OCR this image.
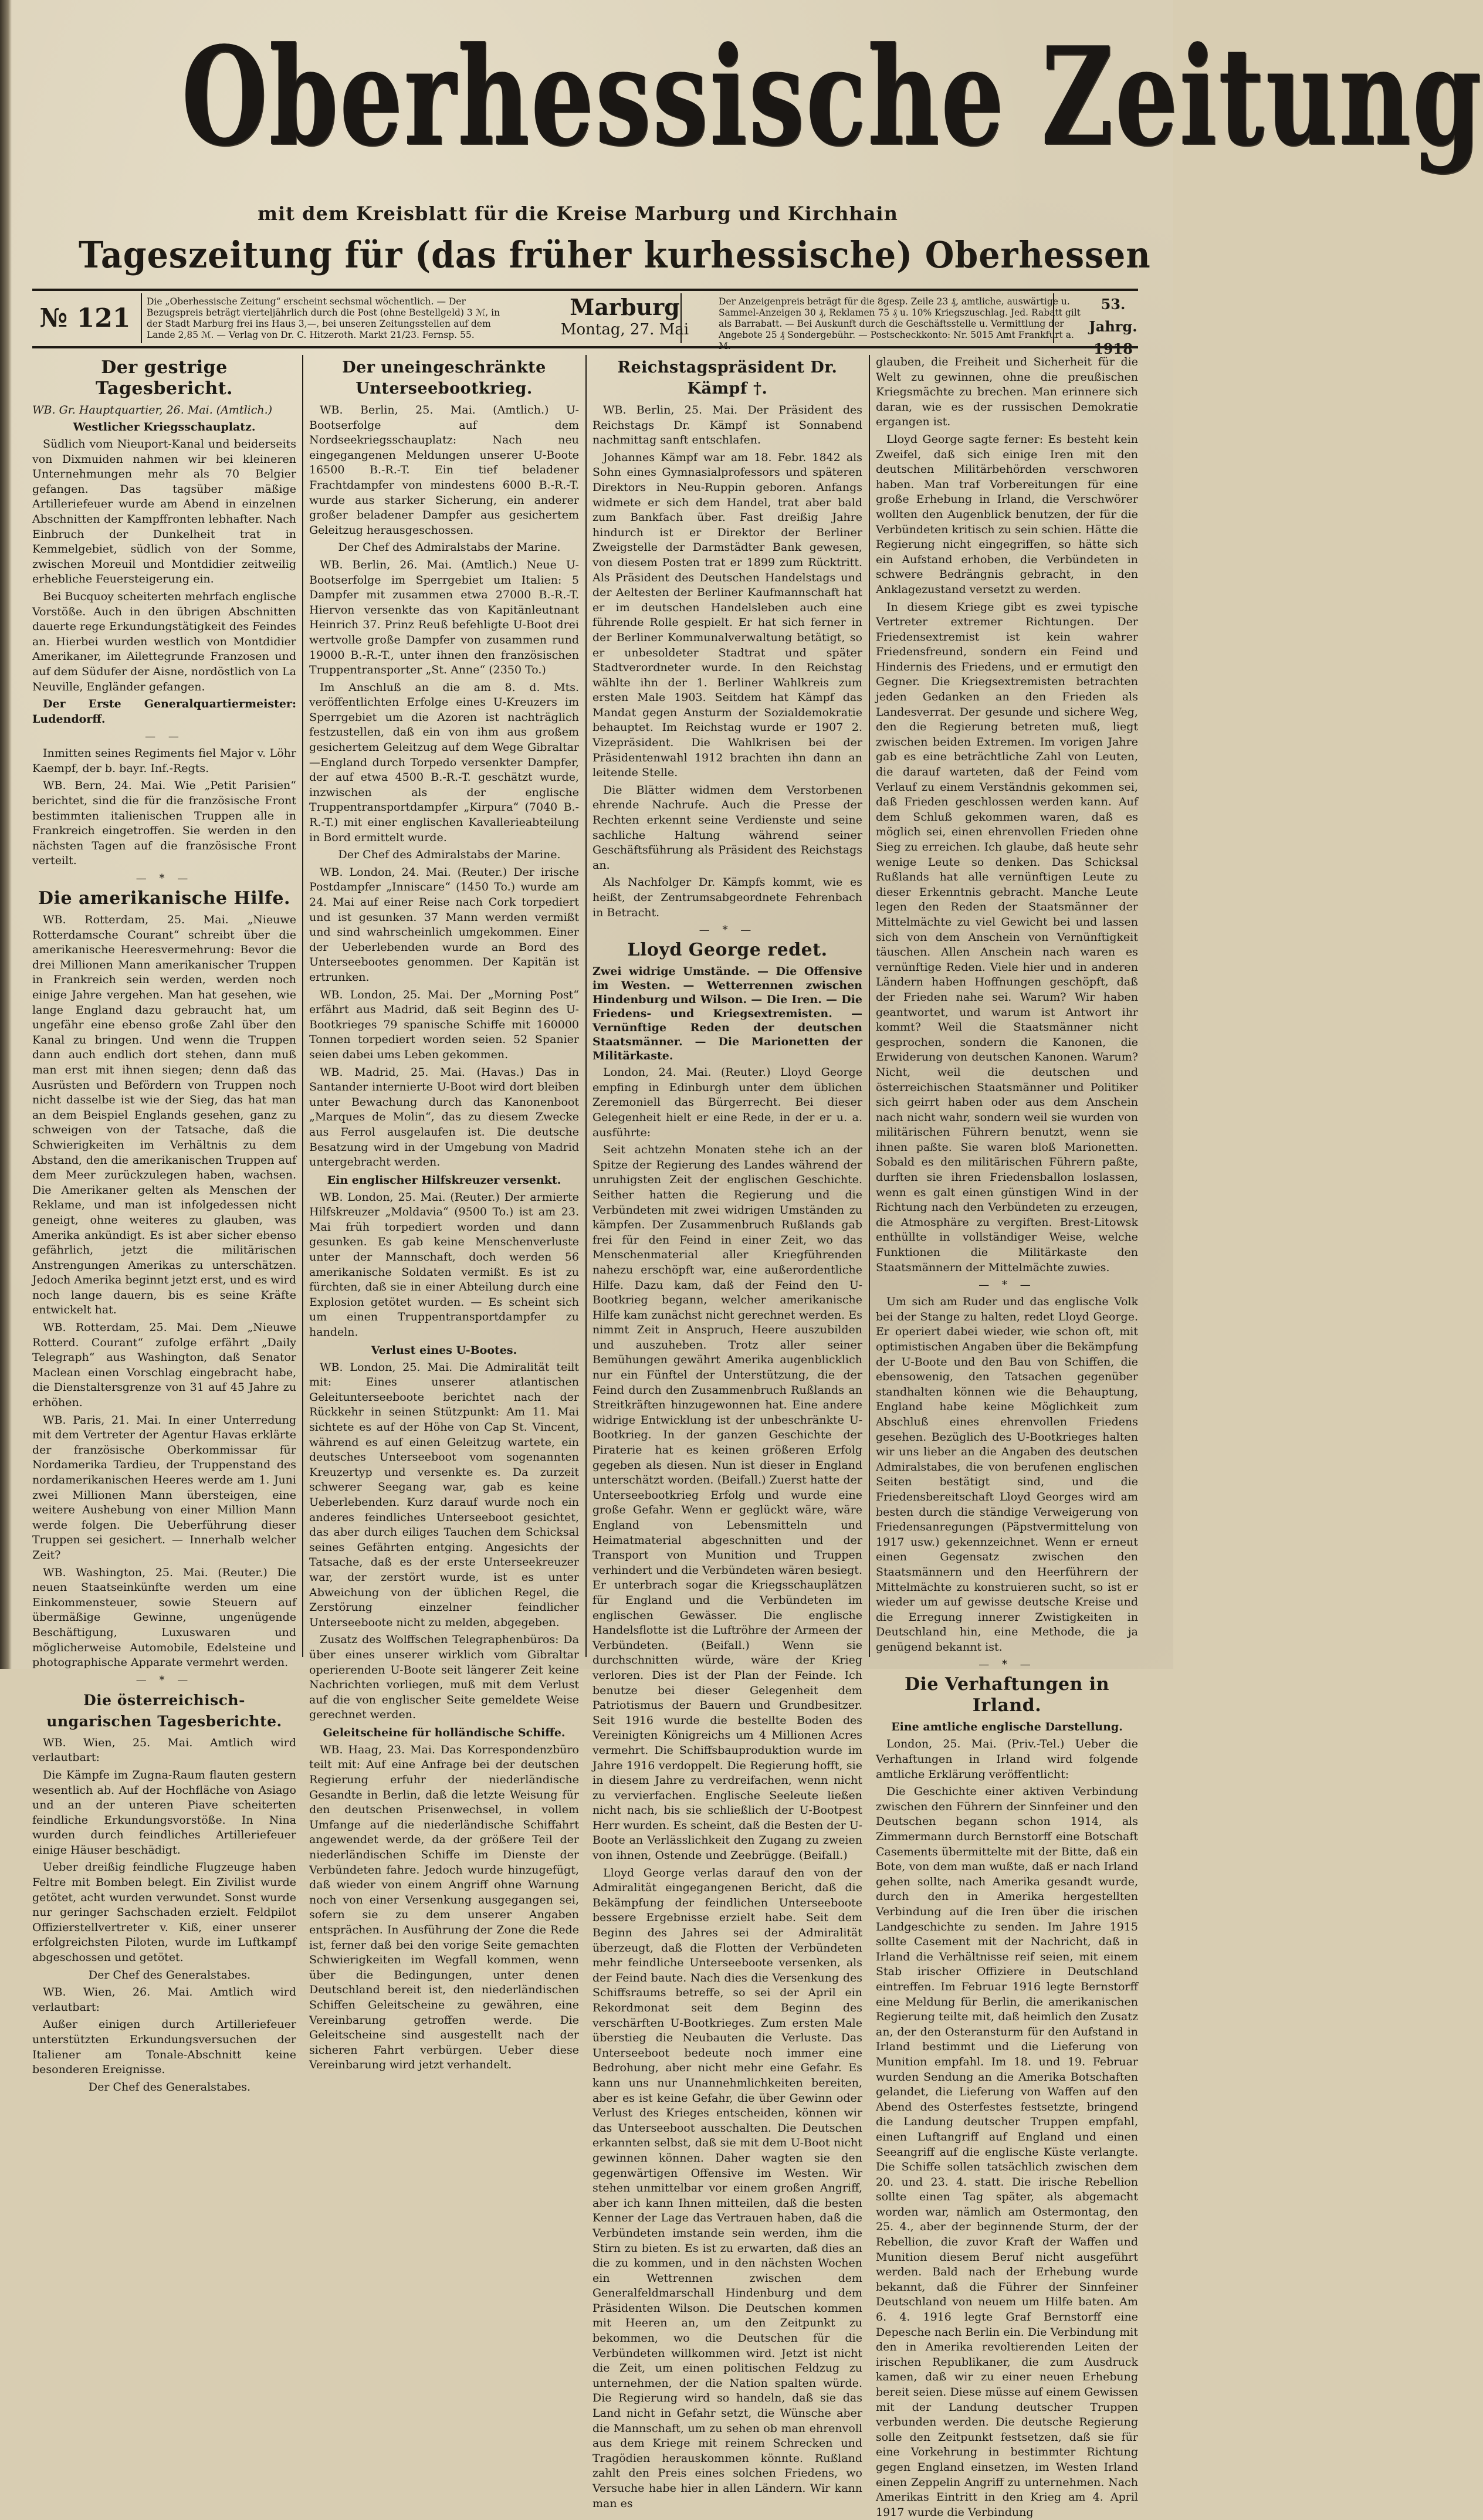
Oberhessische Zeitung
mit dem Kreisblatt für die Kreise Marburg und Kirchhain
Tageszeitung für (das früher kurhessische) Oberhessen
№ 121
Die „Oberhessische Zeitung“ erscheint sechsmal wöchentlich. — Der Bezugspreis beträgt vierteljährlich durch die Post (ohne Bestellgeld) 3 ℳ, in der Stadt Marburg frei ins Haus 3,—, bei unseren Zeitungsstellen auf dem Lande 2,85 ℳ. — Verlag von Dr. C. Hitzeroth. Markt 21/23. Fernsp. 55.
Marburg
Montag, 27. Mai
Der Anzeigenpreis beträgt für die 8gesp. Zeile 23 ₰, amtliche, auswärtige u. Sammel-Anzeigen 30 ₰, Reklamen 75 ₰ u. 10% Kriegszuschlag. Jed. Rabatt gilt als Barrabatt. — Bei Auskunft durch die Geschäftsstelle u. Vermittlung der Angebote 25 ₰ Sondergebühr. — Postscheckkonto: Nr. 5015 Amt Frankfurt a. M.
53. Jahrg.
1918
Der gestrige Tagesbericht.
WB. Gr. Hauptquartier, 26. Mai. (Amtlich.)
Westlicher Kriegsschauplatz.

Südlich vom Nieuport-Kanal und beiderseits von Dixmuiden nahmen wir bei kleineren Unternehmungen mehr als 70 Belgier gefangen. Das tagsüber mäßige Artilleriefeuer wurde am Abend in einzelnen Abschnitten der Kampffronten lebhafter. Nach Einbruch der Dunkelheit trat in Kemmelgebiet, südlich von der Somme, zwischen Moreuil und Montdidier zeitweilig erhebliche Feuersteigerung ein.

Bei Bucquoy scheiterten mehrfach englische Vorstöße. Auch in den übrigen Abschnitten dauerte rege Erkundungstätigkeit des Feindes an. Hierbei wurden westlich von Montdidier Amerikaner, im Ailettegrunde Franzosen und auf dem Südufer der Aisne, nordöstlich von La Neuville, Engländer gefangen.

Der Erste Generalquartiermeister: Ludendorff.

— —

Inmitten seines Regiments fiel Major v. Löhr Kaempf, der b. bayr. Inf.-Regts.

WB. Bern, 24. Mai. Wie „Petit Parisien“ berichtet, sind die für die französische Front bestimmten italienischen Truppen alle in Frankreich eingetroffen. Sie werden in den nächsten Tagen auf die französische Front verteilt.

— * —
Die amerikanische Hilfe.

WB. Rotterdam, 25. Mai. „Nieuwe Rotterdamsche Courant“ schreibt über die amerikanische Heeresvermehrung: Bevor die drei Millionen Mann amerikanischer Truppen in Frankreich sein werden, werden noch einige Jahre vergehen. Man hat gesehen, wie lange England dazu gebraucht hat, um ungefähr eine ebenso große Zahl über den Kanal zu bringen. Und wenn die Truppen dann auch endlich dort stehen, dann muß man erst mit ihnen siegen; denn daß das Ausrüsten und Befördern von Truppen noch nicht dasselbe ist wie der Sieg, das hat man an dem Beispiel Englands gesehen, ganz zu schweigen von der Tatsache, daß die Schwierigkeiten im Verhältnis zu dem Abstand, den die amerikanischen Truppen auf dem Meer zurückzulegen haben, wachsen. Die Amerikaner gelten als Menschen der Reklame, und man ist infolgedessen nicht geneigt, ohne weiteres zu glauben, was Amerika ankündigt. Es ist aber sicher ebenso gefährlich, jetzt die militärischen Anstrengungen Amerikas zu unterschätzen. Jedoch Amerika beginnt jetzt erst, und es wird noch lange dauern, bis es seine Kräfte entwickelt hat.

WB. Rotterdam, 25. Mai. Dem „Nieuwe Rotterd. Courant“ zufolge erfährt „Daily Telegraph“ aus Washington, daß Senator Maclean einen Vorschlag eingebracht habe, die Dienstaltersgrenze von 31 auf 45 Jahre zu erhöhen.

WB. Paris, 21. Mai. In einer Unterredung mit dem Vertreter der Agentur Havas erklärte der französische Oberkommissar für Nordamerika Tardieu, der Truppenstand des nordamerikanischen Heeres werde am 1. Juni zwei Millionen Mann übersteigen, eine weitere Aushebung von einer Million Mann werde folgen. Die Ueberführung dieser Truppen sei gesichert. — Innerhalb welcher Zeit?

WB. Washington, 25. Mai. (Reuter.) Die neuen Staatseinkünfte werden um eine Einkommensteuer, sowie Steuern auf übermäßige Gewinne, ungenügende Beschäftigung, Luxuswaren und möglicherweise Automobile, Edelsteine und photographische Apparate vermehrt werden.

— * —
Die österreichisch-ungarischen Tagesberichte.

WB. Wien, 25. Mai. Amtlich wird verlautbart:

Die Kämpfe im Zugna-Raum flauten gestern wesentlich ab. Auf der Hochfläche von Asiago und an der unteren Piave scheiterten feindliche Erkundungsvorstöße. In Nina wurden durch feindliches Artilleriefeuer einige Häuser beschädigt.

Ueber dreißig feindliche Flugzeuge haben Feltre mit Bomben belegt. Ein Zivilist wurde getötet, acht wurden verwundet. Sonst wurde nur geringer Sachschaden erzielt. Feldpilot Offizierstellvertreter v. Kiß, einer unserer erfolgreichsten Piloten, wurde im Luftkampf abgeschossen und getötet.

Der Chef des Generalstabes.

WB. Wien, 26. Mai. Amtlich wird verlautbart:

Außer einigen durch Artilleriefeuer unterstützten Erkundungsversuchen der Italiener am Tonale-Abschnitt keine besonderen Ereignisse.

Der Chef des Generalstabes.

Der uneingeschränkte Unterseebootkrieg.

WB. Berlin, 25. Mai. (Amtlich.) U-Bootserfolge auf dem Nordseekriegsschauplatz: Nach neu eingegangenen Meldungen unserer U-Boote 16500 B.-R.-T. Ein tief beladener Frachtdampfer von mindestens 6000 B.-R.-T. wurde aus starker Sicherung, ein anderer großer beladener Dampfer aus gesichertem Geleitzug herausgeschossen.

Der Chef des Admiralstabs der Marine.

WB. Berlin, 26. Mai. (Amtlich.) Neue U-Bootserfolge im Sperrgebiet um Italien: 5 Dampfer mit zusammen etwa 27000 B.-R.-T. Hiervon versenkte das von Kapitänleutnant Heinrich 37. Prinz Reuß befehligte U-Boot drei wertvolle große Dampfer von zusammen rund 19000 B.-R.-T., unter ihnen den französischen Truppentransporter „St. Anne“ (2350 To.)

Im Anschluß an die am 8. d. Mts. veröffentlichten Erfolge eines U-Kreuzers im Sperrgebiet um die Azoren ist nachträglich festzustellen, daß ein von ihm aus großem gesichertem Geleitzug auf dem Wege Gibraltar—England durch Torpedo versenkter Dampfer, der auf etwa 4500 B.-R.-T. geschätzt wurde, inzwischen als der englische Truppentransportdampfer „Kirpura“ (7040 B.-R.-T.) mit einer englischen Kavallerieabteilung in Bord ermittelt wurde.

Der Chef des Admiralstabs der Marine.

WB. London, 24. Mai. (Reuter.) Der irische Postdampfer „Inniscare“ (1450 To.) wurde am 24. Mai auf einer Reise nach Cork torpediert und ist gesunken. 37 Mann werden vermißt und sind wahrscheinlich umgekommen. Einer der Ueberlebenden wurde an Bord des Unterseebootes genommen. Der Kapitän ist ertrunken.

WB. London, 25. Mai. Der „Morning Post“ erfährt aus Madrid, daß seit Beginn des U-Bootkrieges 79 spanische Schiffe mit 160000 Tonnen torpediert worden seien. 52 Spanier seien dabei ums Leben gekommen.

WB. Madrid, 25. Mai. (Havas.) Das in Santander internierte U-Boot wird dort bleiben unter Bewachung durch das Kanonenboot „Marques de Molin“, das zu diesem Zwecke aus Ferrol ausgelaufen ist. Die deutsche Besatzung wird in der Umgebung von Madrid untergebracht werden.

Ein englischer Hilfskreuzer versenkt.

WB. London, 25. Mai. (Reuter.) Der armierte Hilfskreuzer „Moldavia“ (9500 To.) ist am 23. Mai früh torpediert worden und dann gesunken. Es gab keine Menschenverluste unter der Mannschaft, doch werden 56 amerikanische Soldaten vermißt. Es ist zu fürchten, daß sie in einer Abteilung durch eine Explosion getötet wurden. — Es scheint sich um einen Truppentransportdampfer zu handeln.

Verlust eines U-Bootes.

WB. London, 25. Mai. Die Admiralität teilt mit: Eines unserer atlantischen Geleitunterseeboote berichtet nach der Rückkehr in seinen Stützpunkt: Am 11. Mai sichtete es auf der Höhe von Cap St. Vincent, während es auf einen Geleitzug wartete, ein deutsches Unterseeboot vom sogenannten Kreuzertyp und versenkte es. Da zurzeit schwerer Seegang war, gab es keine Ueberlebenden. Kurz darauf wurde noch ein anderes feindliches Unterseeboot gesichtet, das aber durch eiliges Tauchen dem Schicksal seines Gefährten entging. Angesichts der Tatsache, daß es der erste Unterseekreuzer war, der zerstört wurde, ist es unter Abweichung von der üblichen Regel, die Zerstörung einzelner feindlicher Unterseeboote nicht zu melden, abgegeben.

Zusatz des Wolffschen Telegraphenbüros: Da über eines unserer wirklich vom Gibraltar operierenden U-Boote seit längerer Zeit keine Nachrichten vorliegen, muß mit dem Verlust auf die von englischer Seite gemeldete Weise gerechnet werden.

Geleitscheine für holländische Schiffe.

WB. Haag, 23. Mai. Das Korrespondenzbüro teilt mit: Auf eine Anfrage bei der deutschen Regierung erfuhr der niederländische Gesandte in Berlin, daß die letzte Weisung für den deutschen Prisenwechsel, in vollem Umfange auf die niederländische Schiffahrt angewendet werde, da der größere Teil der niederländischen Schiffe im Dienste der Verbündeten fahre. Jedoch wurde hinzugefügt, daß wieder von einem Angriff ohne Warnung noch von einer Versenkung ausgegangen sei, sofern sie zu dem unserer Angaben entsprächen. In Ausführung der Zone die Rede ist, ferner daß bei den vorige Seite gemachten Schwierigkeiten im Wegfall kommen, wenn über die Bedingungen, unter denen Deutschland bereit ist, den niederländischen Schiffen Geleitscheine zu gewähren, eine Vereinbarung getroffen werde. Die Geleitscheine sind ausgestellt nach der sicheren Fahrt verbürgen. Ueber diese Vereinbarung wird jetzt verhandelt.

Reichstagspräsident Dr. Kämpf †.

WB. Berlin, 25. Mai. Der Präsident des Reichstags Dr. Kämpf ist Sonnabend nachmittag sanft entschlafen.

Johannes Kämpf war am 18. Febr. 1842 als Sohn eines Gymnasialprofessors und späteren Direktors in Neu-Ruppin geboren. Anfangs widmete er sich dem Handel, trat aber bald zum Bankfach über. Fast dreißig Jahre hindurch ist er Direktor der Berliner Zweigstelle der Darmstädter Bank gewesen, von diesem Posten trat er 1899 zum Rücktritt. Als Präsident des Deutschen Handelstags und der Aeltesten der Berliner Kaufmannschaft hat er im deutschen Handelsleben auch eine führende Rolle gespielt. Er hat sich ferner in der Berliner Kommunalverwaltung betätigt, so er unbesoldeter Stadtrat und später Stadtverordneter wurde. In den Reichstag wählte ihn der 1. Berliner Wahlkreis zum ersten Male 1903. Seitdem hat Kämpf das Mandat gegen Ansturm der Sozialdemokratie behauptet. Im Reichstag wurde er 1907 2. Vizepräsident. Die Wahlkrisen bei der Präsidentenwahl 1912 brachten ihn dann an leitende Stelle.

Die Blätter widmen dem Verstorbenen ehrende Nachrufe. Auch die Presse der Rechten erkennt seine Verdienste und seine sachliche Haltung während seiner Geschäftsführung als Präsident des Reichstags an.

Als Nachfolger Dr. Kämpfs kommt, wie es heißt, der Zentrumsabgeordnete Fehrenbach in Betracht.

— * —
Lloyd George redet.
Zwei widrige Umstände. — Die Offensive im Westen. — Wetterrennen zwischen Hindenburg und Wilson. — Die Iren. — Die Friedens- und Kriegsextremisten. — Vernünftige Reden der deutschen Staatsmänner. — Die Marionetten der Militärkaste.

London, 24. Mai. (Reuter.) Lloyd George empfing in Edinburgh unter dem üblichen Zeremoniell das Bürgerrecht. Bei dieser Gelegenheit hielt er eine Rede, in der er u. a. ausführte:

Seit achtzehn Monaten stehe ich an der Spitze der Regierung des Landes während der unruhigsten Zeit der englischen Geschichte. Seither hatten die Regierung und die Verbündeten mit zwei widrigen Umständen zu kämpfen. Der Zusammenbruch Rußlands gab frei für den Feind in einer Zeit, wo das Menschenmaterial aller Kriegführenden nahezu erschöpft war, eine außerordentliche Hilfe. Dazu kam, daß der Feind den U-Bootkrieg begann, welcher amerikanische Hilfe kam zunächst nicht gerechnet werden. Es nimmt Zeit in Anspruch, Heere auszubilden und auszuheben. Trotz aller seiner Bemühungen gewährt Amerika augenblicklich nur ein Fünftel der Unterstützung, die der Feind durch den Zusammenbruch Rußlands an Streitkräften hinzugewonnen hat. Eine andere widrige Entwicklung ist der unbeschränkte U-Bootkrieg. In der ganzen Geschichte der Piraterie hat es keinen größeren Erfolg gegeben als diesen. Nun ist dieser in England unterschätzt worden. (Beifall.) Zuerst hatte der Unterseebootkrieg Erfolg und wurde eine große Gefahr. Wenn er geglückt wäre, wäre England von Lebensmitteln und Heimatmaterial abgeschnitten und der Transport von Munition und Truppen verhindert und die Verbündeten wären besiegt. Er unterbrach sogar die Kriegsschauplätzen für England und die Verbündeten im englischen Gewässer. Die englische Handelsflotte ist die Luftröhre der Armeen der Verbündeten. (Beifall.) Wenn sie durchschnitten würde, wäre der Krieg verloren. Dies ist der Plan der Feinde. Ich benutze bei dieser Gelegenheit dem Patriotismus der Bauern und Grundbesitzer. Seit 1916 wurde die bestellte Boden des Vereinigten Königreichs um 4 Millionen Acres vermehrt. Die Schiffsbauproduktion wurde im Jahre 1916 verdoppelt. Die Regierung hofft, sie in diesem Jahre zu verdreifachen, wenn nicht zu vervierfachen. Englische Seeleute ließen nicht nach, bis sie schließlich der U-Bootpest Herr wurden. Es scheint, daß die Besten der U-Boote an Verlässlichkeit den Zugang zu zweien von ihnen, Ostende und Zeebrügge. (Beifall.)

Lloyd George verlas darauf den von der Admiralität eingegangenen Bericht, daß die Bekämpfung der feindlichen Unterseeboote bessere Ergebnisse erzielt habe. Seit dem Beginn des Jahres sei der Admiralität überzeugt, daß die Flotten der Verbündeten mehr feindliche Unterseeboote versenken, als der Feind baute. Nach dies die Versenkung des Schiffsraums betreffe, so sei der April ein Rekordmonat seit dem Beginn des verschärften U-Bootkrieges. Zum ersten Male überstieg die Neubauten die Verluste. Das Unterseeboot bedeute noch immer eine Bedrohung, aber nicht mehr eine Gefahr. Es kann uns nur Unannehmlichkeiten bereiten, aber es ist keine Gefahr, die über Gewinn oder Verlust des Krieges entscheiden, können wir das Unterseeboot ausschalten. Die Deutschen erkannten selbst, daß sie mit dem U-Boot nicht gewinnen können. Daher wagten sie den gegenwärtigen Offensive im Westen. Wir stehen unmittelbar vor einem großen Angriff, aber ich kann Ihnen mitteilen, daß die besten Kenner der Lage das Vertrauen haben, daß die Verbündeten imstande sein werden, ihm die Stirn zu bieten. Es ist zu erwarten, daß dies an die zu kommen, und in den nächsten Wochen ein Wettrennen zwischen dem Generalfeldmarschall Hindenburg und dem Präsidenten Wilson. Die Deutschen kommen mit Heeren an, um den Zeitpunkt zu bekommen, wo die Deutschen für die Verbündeten willkommen wird. Jetzt ist nicht die Zeit, um einen politischen Feldzug zu unternehmen, der die Nation spalten würde. Die Regierung wird so handeln, daß sie das Land nicht in Gefahr setzt, die Wünsche aber die Mannschaft, um zu sehen ob man ehrenvoll aus dem Kriege mit reinem Schrecken und Tragödien herauskommen könnte. Rußland zahlt den Preis eines solchen Friedens, wo Versuche habe hier in allen Ländern. Wir kann man es

glauben, die Freiheit und Sicherheit für die Welt zu gewinnen, ohne die preußischen Kriegsmächte zu brechen. Man erinnere sich daran, wie es der russischen Demokratie ergangen ist.

Lloyd George sagte ferner: Es besteht kein Zweifel, daß sich einige Iren mit den deutschen Militärbehörden verschworen haben. Man traf Vorbereitungen für eine große Erhebung in Irland, die Verschwörer wollten den Augenblick benutzen, der für die Verbündeten kritisch zu sein schien. Hätte die Regierung nicht eingegriffen, so hätte sich ein Aufstand erhoben, die Verbündeten in schwere Bedrängnis gebracht, in den Anklagezustand versetzt zu werden.

In diesem Kriege gibt es zwei typische Vertreter extremer Richtungen. Der Friedensextremist ist kein wahrer Friedensfreund, sondern ein Feind und Hindernis des Friedens, und er ermutigt den Gegner. Die Kriegsextremisten betrachten jeden Gedanken an den Frieden als Landesverrat. Der gesunde und sichere Weg, den die Regierung betreten muß, liegt zwischen beiden Extremen. Im vorigen Jahre gab es eine beträchtliche Zahl von Leuten, die darauf warteten, daß der Feind vom Verlauf zu einem Verständnis gekommen sei, daß Frieden geschlossen werden kann. Auf dem Schluß gekommen waren, daß es möglich sei, einen ehrenvollen Frieden ohne Sieg zu erreichen. Ich glaube, daß heute sehr wenige Leute so denken. Das Schicksal Rußlands hat alle vernünftigen Leute zu dieser Erkenntnis gebracht. Manche Leute legen den Reden der Staatsmänner der Mittelmächte zu viel Gewicht bei und lassen sich von dem Anschein von Vernünftigkeit täuschen. Allen Anschein nach waren es vernünftige Reden. Viele hier und in anderen Ländern haben Hoffnungen geschöpft, daß der Frieden nahe sei. Warum? Wir haben geantwortet, und warum ist Antwort ihr kommt? Weil die Staatsmänner nicht gesprochen, sondern die Kanonen, die Erwiderung von deutschen Kanonen. Warum? Nicht, weil die deutschen und österreichischen Staatsmänner und Politiker sich geirrt haben oder aus dem Anschein nach nicht wahr, sondern weil sie wurden von militärischen Führern benutzt, wenn sie ihnen paßte. Sie waren bloß Marionetten. Sobald es den militärischen Führern paßte, durften sie ihren Friedensballon loslassen, wenn es galt einen günstigen Wind in der Richtung nach den Verbündeten zu erzeugen, die Atmosphäre zu vergiften. Brest-Litowsk enthüllte in vollständiger Weise, welche Funktionen die Militärkaste den Staatsmännern der Mittelmächte zuwies.

— * —

Um sich am Ruder und das englische Volk bei der Stange zu halten, redet Lloyd George. Er operiert dabei wieder, wie schon oft, mit optimistischen Angaben über die Bekämpfung der U-Boote und den Bau von Schiffen, die ebensowenig, den Tatsachen gegenüber standhalten können wie die Behauptung, England habe keine Möglichkeit zum Abschluß eines ehrenvollen Friedens gesehen. Bezüglich des U-Bootkrieges halten wir uns lieber an die Angaben des deutschen Admiralstabes, die von berufenen englischen Seiten bestätigt sind, und die Friedensbereitschaft Lloyd Georges wird am besten durch die ständige Verweigerung von Friedensanregungen (Päpstvermittelung von 1917 usw.) gekennzeichnet. Wenn er erneut einen Gegensatz zwischen den Staatsmännern und den Heerführern der Mittelmächte zu konstruieren sucht, so ist er wieder um auf gewisse deutsche Kreise und die Erregung innerer Zwistigkeiten in Deutschland hin, eine Methode, die ja genügend bekannt ist.

— * —
Die Verhaftungen in Irland.
Eine amtliche englische Darstellung.

London, 25. Mai. (Priv.-Tel.) Ueber die Verhaftungen in Irland wird folgende amtliche Erklärung veröffentlicht:

Die Geschichte einer aktiven Verbindung zwischen den Führern der Sinnfeiner und den Deutschen begann schon 1914, als Zimmermann durch Bernstorff eine Botschaft Casements übermittelte mit der Bitte, daß ein Bote, von dem man wußte, daß er nach Irland gehen sollte, nach Amerika gesandt wurde, durch den in Amerika hergestellten Verbindung auf die Iren über die irischen Landgeschichte zu senden. Im Jahre 1915 sollte Casement mit der Nachricht, daß in Irland die Verhältnisse reif seien, mit einem Stab irischer Offiziere in Deutschland eintreffen. Im Februar 1916 legte Bernstorff eine Meldung für Berlin, die amerikanischen Regierung teilte mit, daß heimlich den Zusatz an, der den Osteransturm für den Aufstand in Irland bestimmt und die Lieferung von Munition empfahl. Im 18. und 19. Februar wurden Sendung an die Amerika Botschaften gelandet, die Lieferung von Waffen auf den Abend des Osterfestes festsetzte, bringend die Landung deutscher Truppen empfahl, einen Luftangriff auf England und einen Seeangriff auf die englische Küste verlangte. Die Schiffe sollen tatsächlich zwischen dem 20. und 23. 4. statt. Die irische Rebellion sollte einen Tag später, als abgemacht worden war, nämlich am Ostermontag, den 25. 4., aber der beginnende Sturm, der der Rebellion, die zuvor Kraft der Waffen und Munition diesem Beruf nicht ausgeführt werden. Bald nach der Erhebung wurde bekannt, daß die Führer der Sinnfeiner Deutschland von neuem um Hilfe baten. Am 6. 4. 1916 legte Graf Bernstorff eine Depesche nach Berlin ein. Die Verbindung mit den in Amerika revoltierenden Leiten der irischen Republikaner, die zum Ausdruck kamen, daß wir zu einer neuen Erhebung bereit seien. Diese müsse auf einem Gewissen mit der Landung deutscher Truppen verbunden werden. Die deutsche Regierung solle den Zeitpunkt festsetzen, daß sie für eine Vorkehrung in bestimmter Richtung gegen England einsetzen, im Westen Irland einen Zeppelin Angriff zu unternehmen. Nach Amerikas Eintritt in den Krieg am 4. April 1917 wurde die Verbindung
